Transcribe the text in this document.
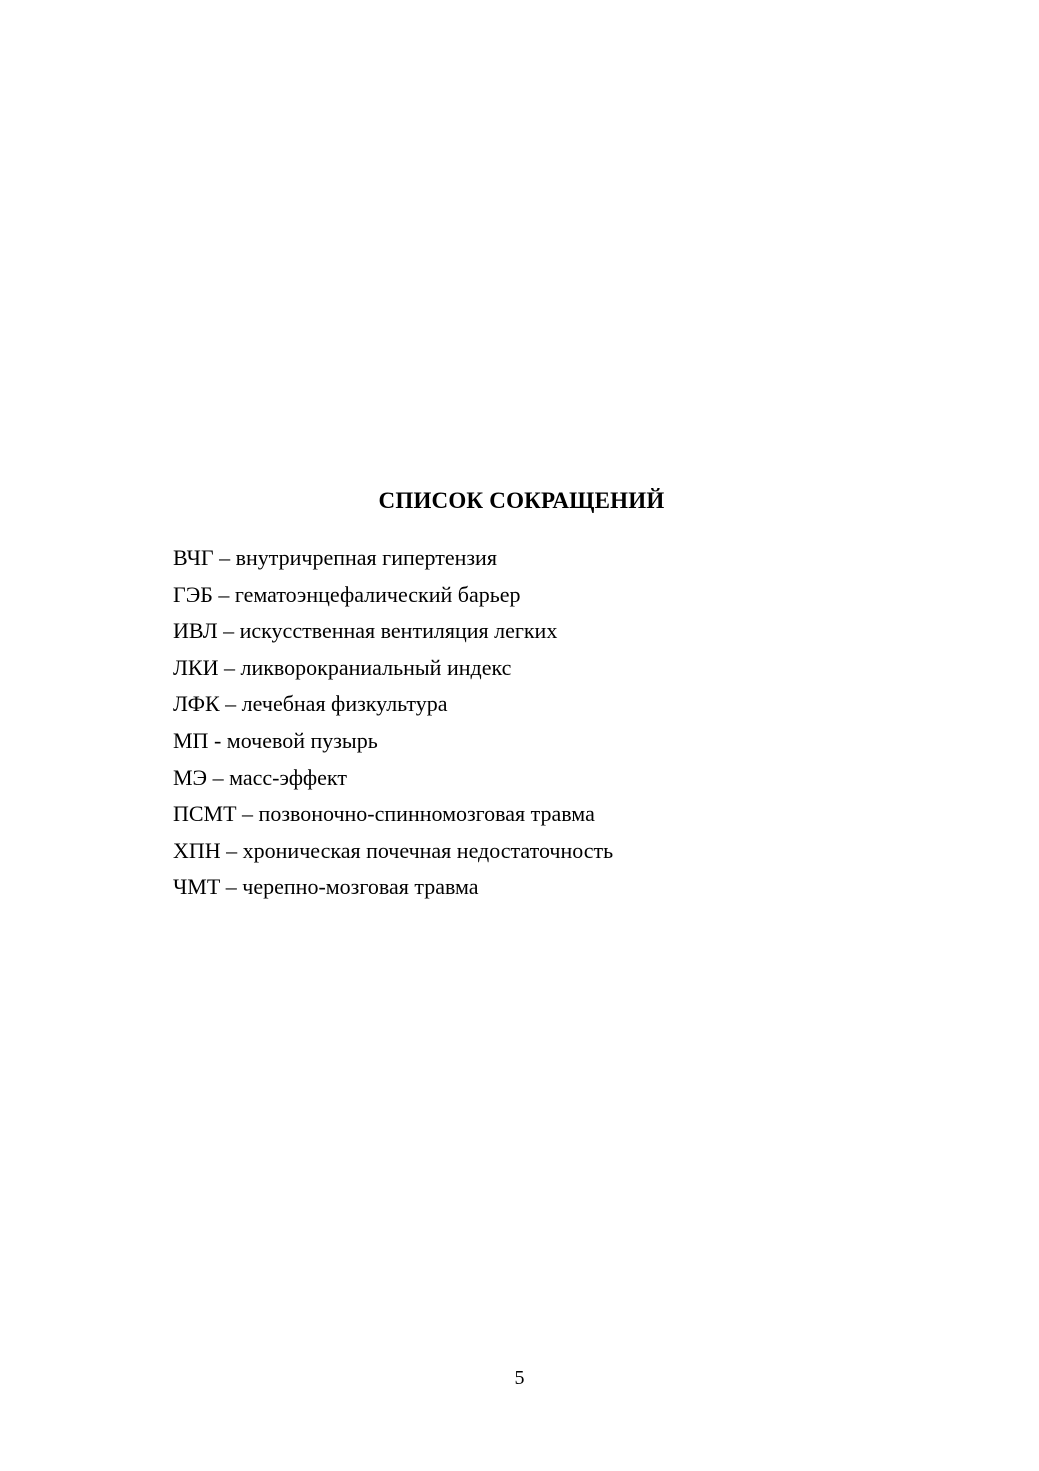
СПИСОК СОКРАЩЕНИЙ
ВЧГ – внутричрепная гипертензия
ГЭБ – гематоэнцефалический барьер
ИВЛ – искусственная вентиляция легких
ЛКИ – ликворокраниальный индекс
ЛФК – лечебная физкультура
МП - мочевой пузырь
МЭ – масс-эффект
ПСМТ – позвоночно-спинномозговая травма
ХПН – хроническая почечная недостаточность
ЧМТ – черепно-мозговая травма
5
